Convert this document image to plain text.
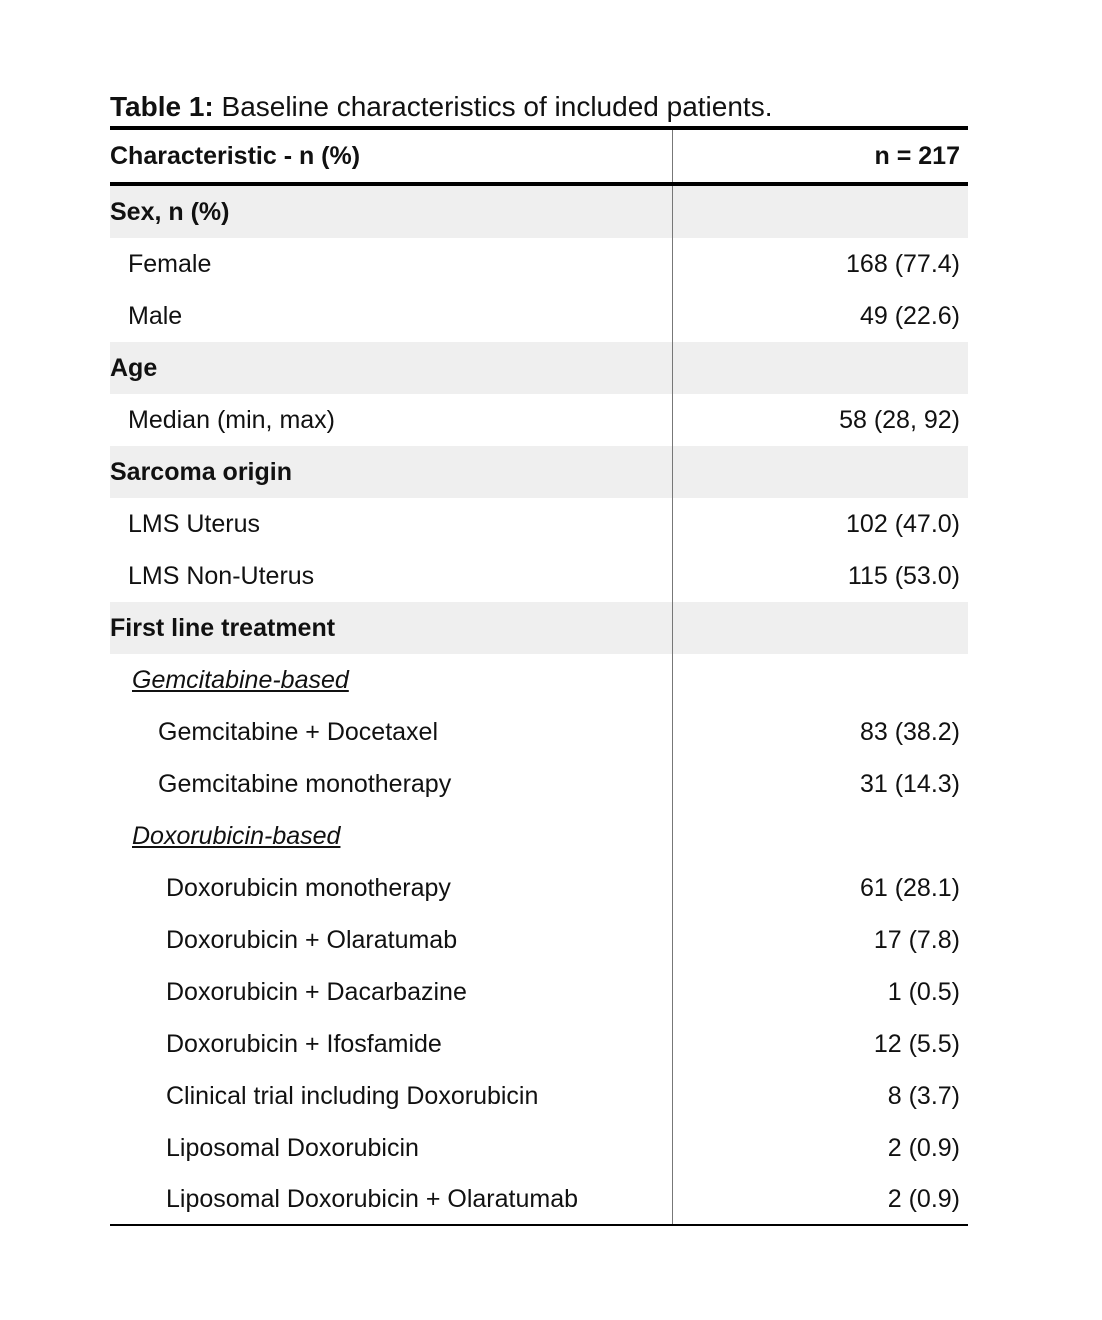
Table 1: Baseline characteristics of included patients.
Characteristic - n (%)	n = 217
Sex, n (%)	
Female	168 (77.4)
Male	49 (22.6)
Age	
Median (min, max)	58 (28, 92)
Sarcoma origin	
LMS Uterus	102 (47.0)
LMS Non-Uterus	115 (53.0)
First line treatment	
Gemcitabine-based	
Gemcitabine + Docetaxel	83 (38.2)
Gemcitabine monotherapy	31 (14.3)
Doxorubicin-based	
Doxorubicin monotherapy	61 (28.1)
Doxorubicin + Olaratumab	17 (7.8)
Doxorubicin + Dacarbazine	1 (0.5)
Doxorubicin + Ifosfamide	12 (5.5)
Clinical trial including Doxorubicin	8 (3.7)
Liposomal Doxorubicin	2 (0.9)
Liposomal Doxorubicin + Olaratumab	2 (0.9)
